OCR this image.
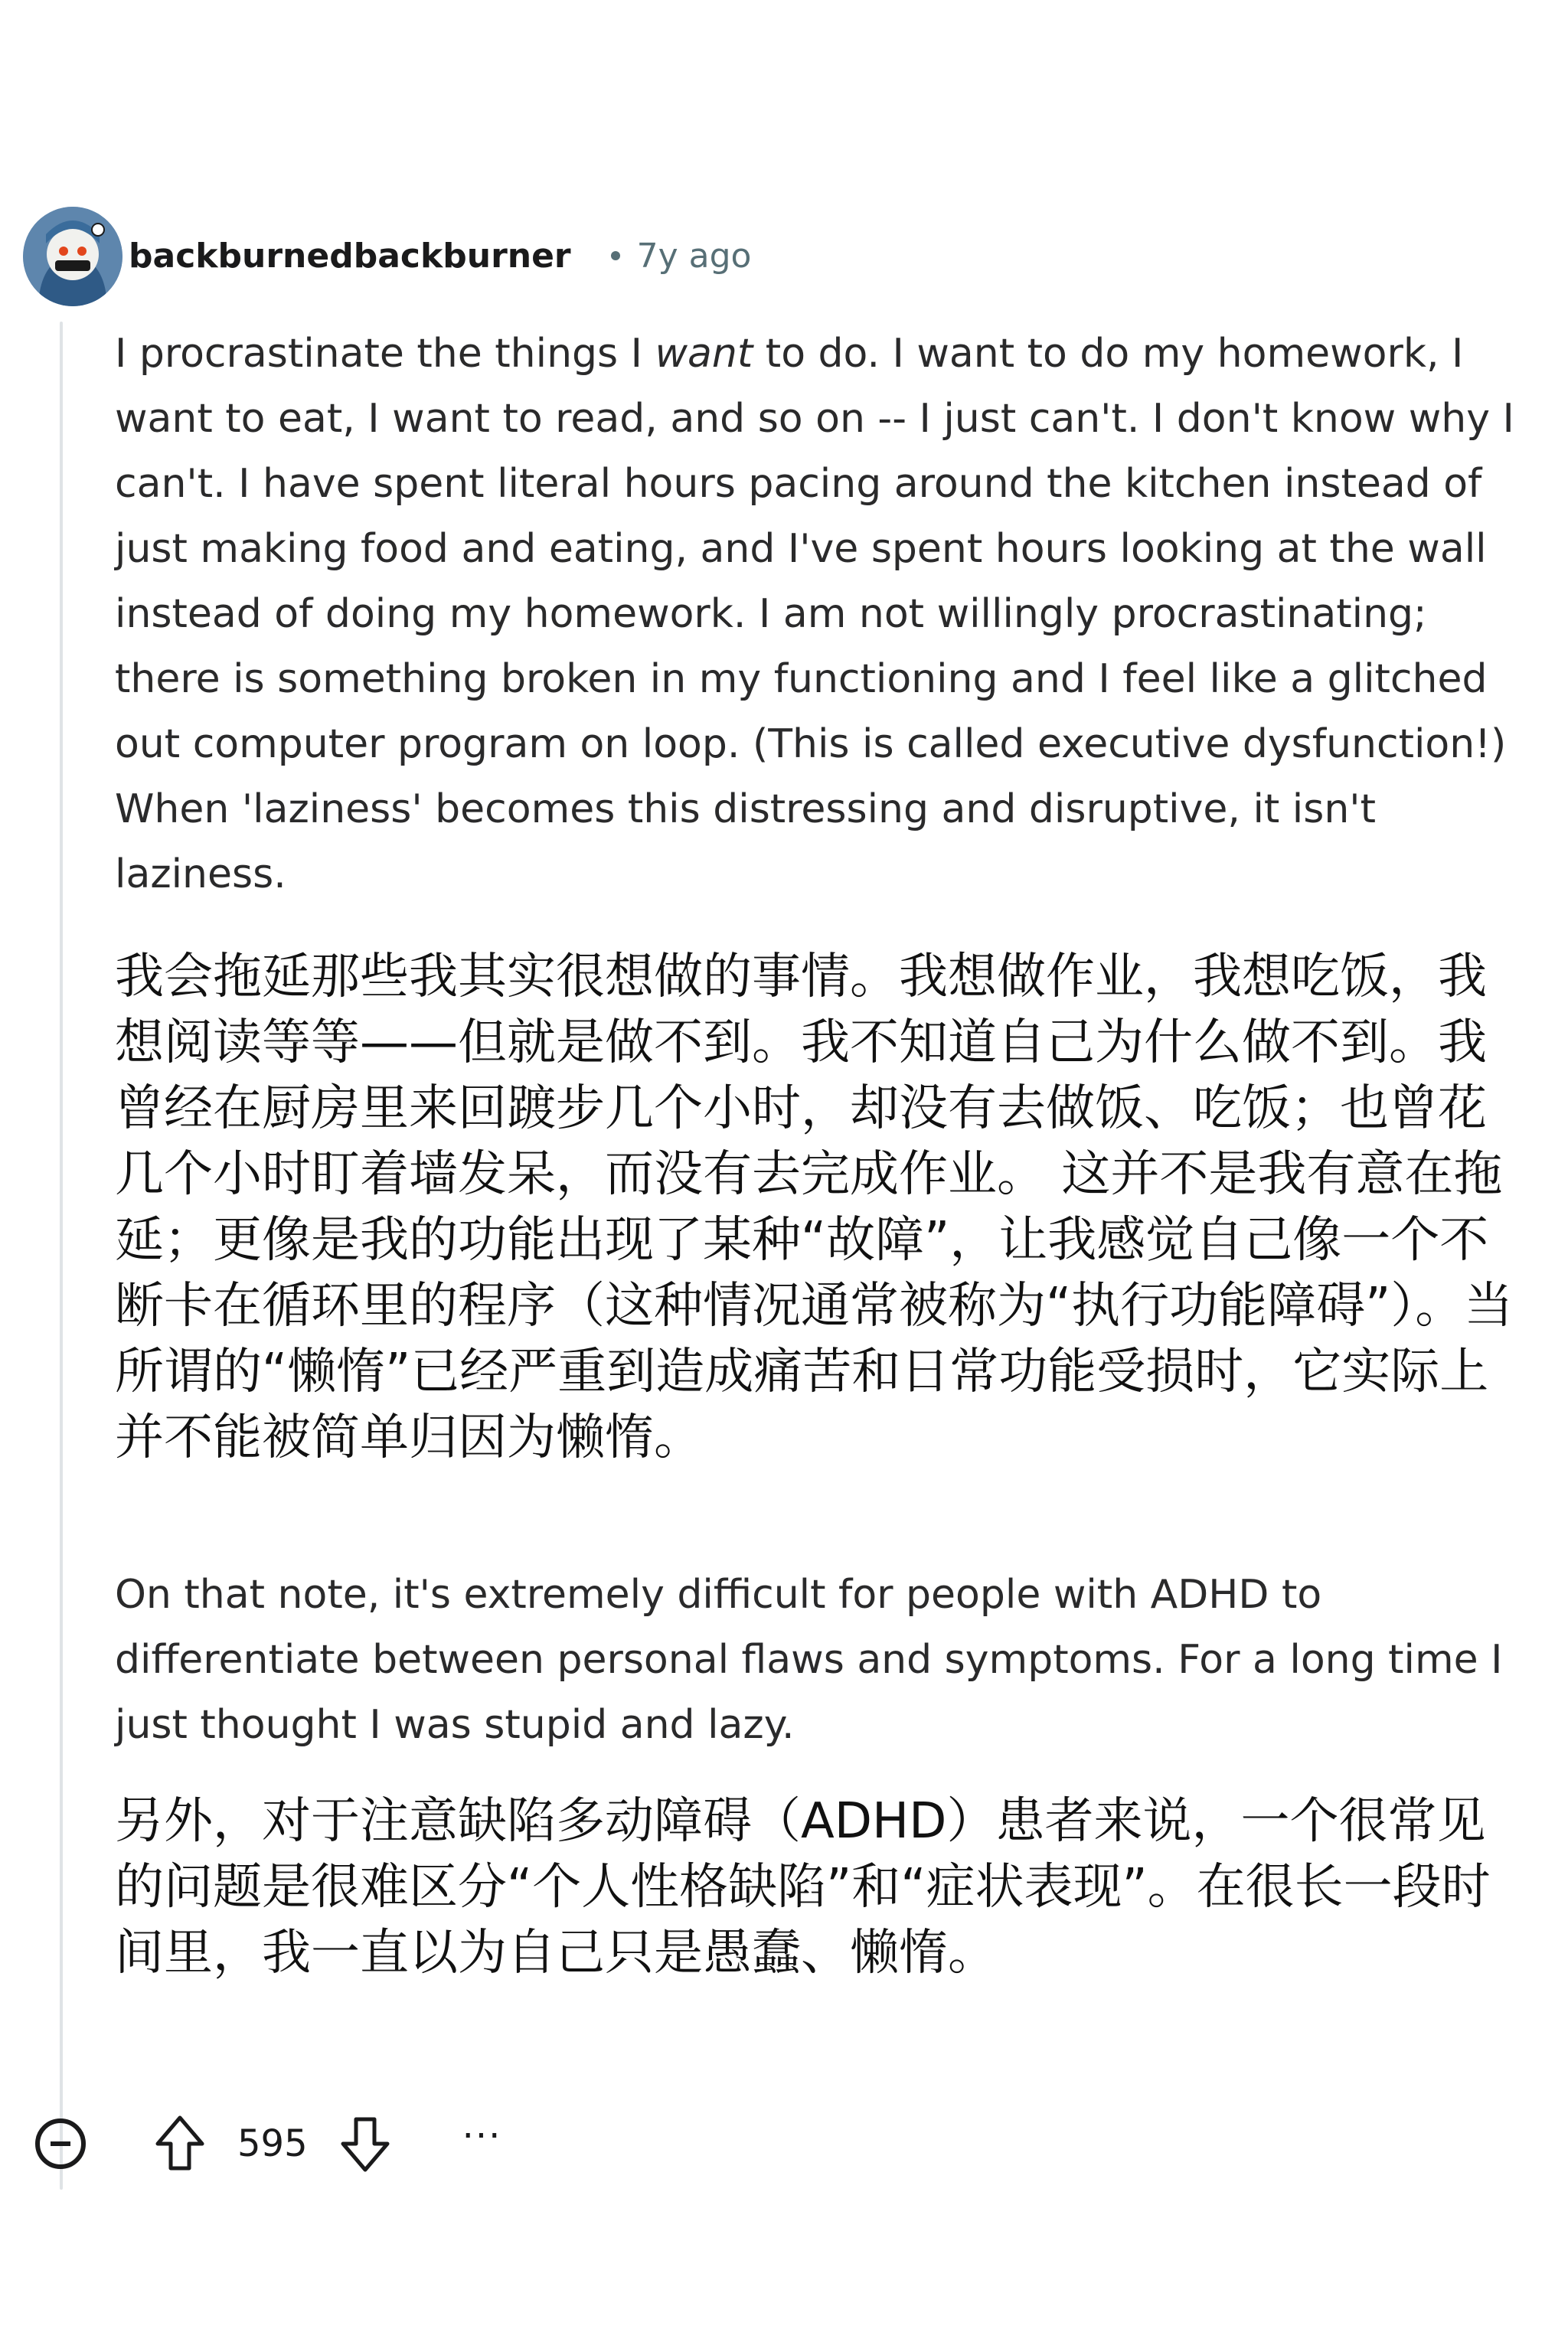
backburnedbackburner 7y ago

I procrastinate the things I want to do. I want to do my homework, I want to eat, I want to read, and so on -- I just can't. I don't know why I can't. I have spent literal hours pacing around the kitchen instead of just making food and eating, and I've spent hours looking at the wall instead of doing my homework. I am not willingly procrastinating; there is something broken in my functioning and I feel like a glitched out computer program on loop. (This is called executive dysfunction!) When 'laziness' becomes this distressing and disruptive, it isn't laziness.

我会拖延那些我其实很想做的事情。我想做作业，我想吃饭，我想阅读等等——但就是做不到。我不知道自己为什么做不到。我曾经在厨房里来回踱步几个小时，却没有去做饭、吃饭；也曾花几个小时盯着墙发呆，而没有去完成作业。 这并不是我有意在拖延；更像是我的功能出现了某种“故障”，让我感觉自己像一个不断卡在循环里的程序（这种情况通常被称为“执行功能障碍”）。当所谓的“懒惰”已经严重到造成痛苦和日常功能受损时，它实际上并不能被简单归因为懒惰。

On that note, it's extremely difficult for people with ADHD to differentiate between personal flaws and symptoms. For a long time I just thought I was stupid and lazy.

另外，对于注意缺陷多动障碍（ADHD）患者来说，一个很常见的问题是很难区分“个人性格缺陷”和“症状表现”。在很长一段时间里，我一直以为自己只是愚蠢、懒惰。

595	···
